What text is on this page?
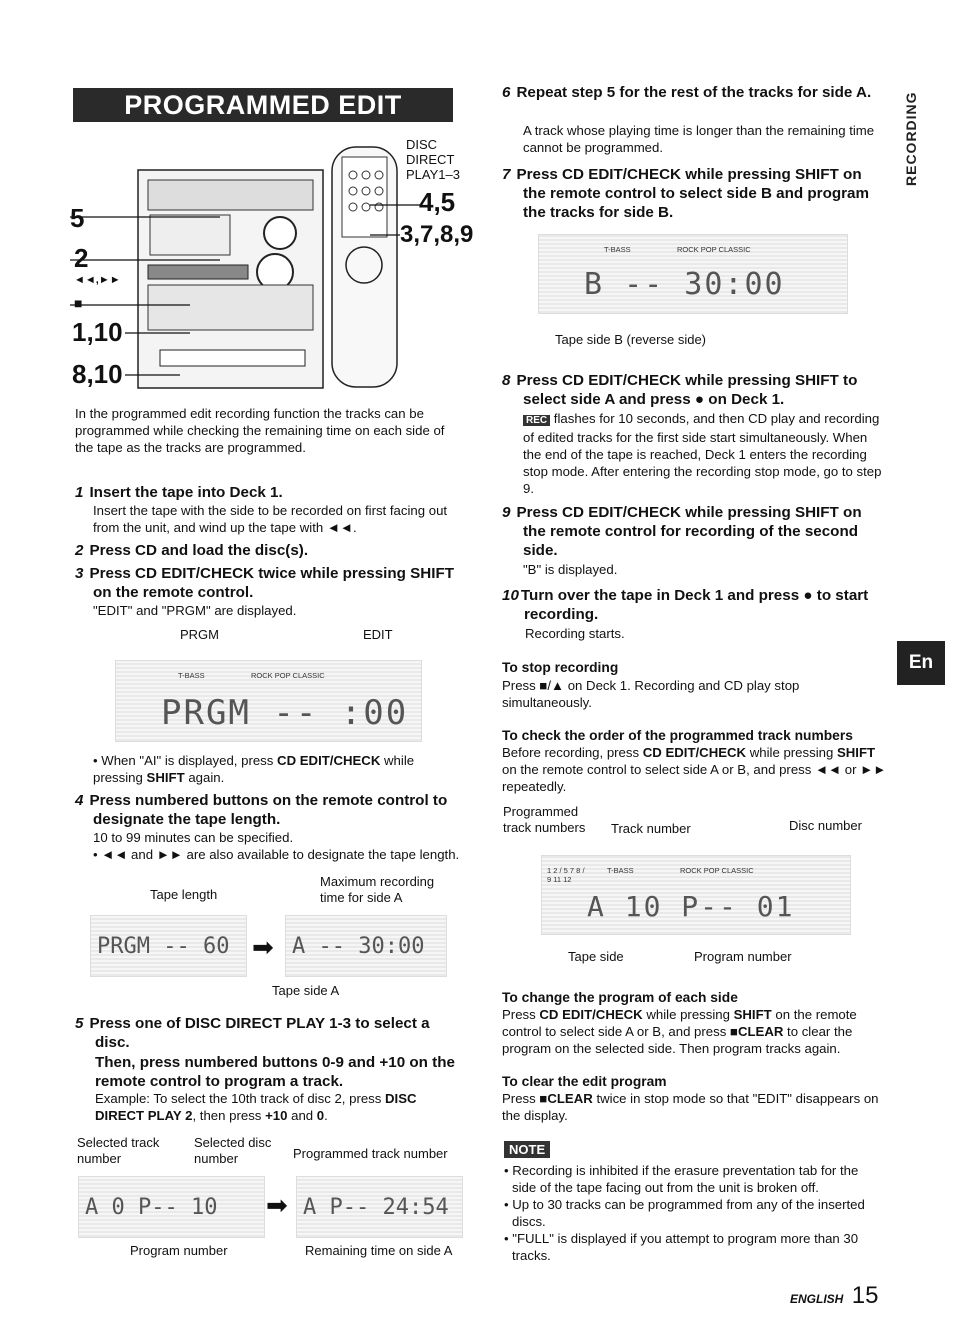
PROGRAMMED EDIT RECORDING	RECORDING
En
5
2
◄◄,►►
■
1,10
8,10
4,5
3,7,8,9
DISC
DIRECT
PLAY1–3
In the programmed edit recording function the tracks can be programmed while checking the remaining time on each side of the tape as the tracks are programmed.
1 Insert the tape into Deck 1.
Insert the tape with the side to be recorded on first facing out from the unit, and wind up the tape with ◄◄.
2 Press CD and load the disc(s).
3 Press CD EDIT/CHECK twice while pressing SHIFT on the remote control.
"EDIT" and "PRGM" are displayed.
PRGM	EDIT
T-BASS	ROCK POP CLASSIC
PRGM -- :00
• When "AI" is displayed, press CD EDIT/CHECK while pressing SHIFT again.
4 Press numbered buttons on the remote control to designate the tape length.
10 to 99 minutes can be specified.
• ◄◄ and ►► are also available to designate the tape length.
Tape length
Maximum recording time for side A
PRGM -- 60 ➡ A -- 30:00
Tape side A
5 Press one of DISC DIRECT PLAY 1-3 to select a disc.
Then, press numbered buttons 0-9 and +10 on the remote control to program a track.
Example: To select the 10th track of disc 2, press DISC DIRECT PLAY 2, then press +10 and 0.
Selected track number
Selected disc number	Programmed track number
A 0 P-- 10 ➡ A P-- 24:54
Program number	Remaining time on side A
6 Repeat step 5 for the rest of the tracks for side A.
A track whose playing time is longer than the remaining time cannot be programmed.
7 Press CD EDIT/CHECK while pressing SHIFT on the remote control to select side B and program the tracks for side B.
T-BASS	ROCK POP CLASSIC
B -- 30:00
Tape side B (reverse side)
8 Press CD EDIT/CHECK while pressing SHIFT to select side A and press ● on Deck 1.
REC flashes for 10 seconds, and then CD play and recording of edited tracks for the first side start simultaneously. When the end of the tape is reached, Deck 1 enters the recording stop mode. After entering the recording stop mode, go to step 9.
9 Press CD EDIT/CHECK while pressing SHIFT on the remote control for recording of the second side.
"B" is displayed.
10 Turn over the tape in Deck 1 and press ● to start recording.
Recording starts.
To stop recording
Press ■/▲ on Deck 1. Recording and CD play stop simultaneously.
To check the order of the programmed track numbers
Before recording, press CD EDIT/CHECK while pressing SHIFT on the remote control to select side A or B, and press ◄◄ or ►► repeatedly.
Programmed track numbers	Track number	Disc number
1 2 / 5 7 8 / 9 11 12
T-BASS	ROCK POP CLASSIC
A 10 P-- 01
Tape side	Program number
To change the program of each side
Press CD EDIT/CHECK while pressing SHIFT on the remote control to select side A or B, and press ■CLEAR to clear the program on the selected side. Then program tracks again.
To clear the edit program
Press ■CLEAR twice in stop mode so that "EDIT" disappears on the display.
NOTE
• Recording is inhibited if the erasure preventation tab for the side of the tape facing out from the unit is broken off.
• Up to 30 tracks can be programmed from any of the inserted discs.
• "FULL" is displayed if you attempt to program more than 30 tracks.
ENGLISH 15
